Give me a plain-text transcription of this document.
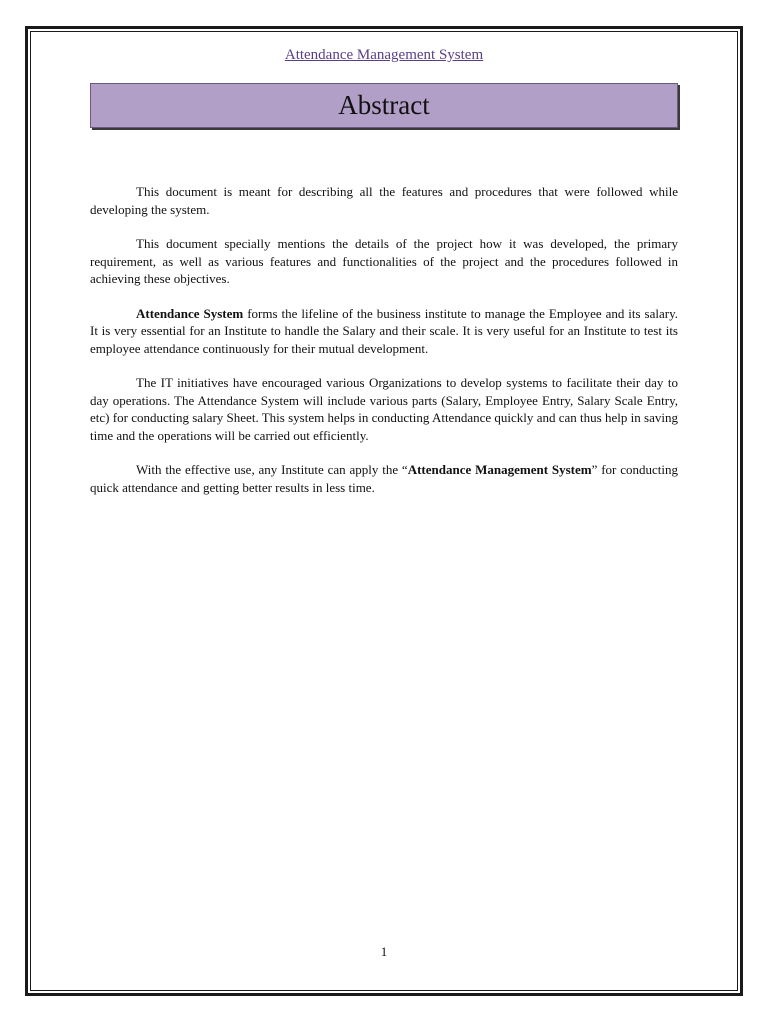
Attendance Management System
Abstract

This document is meant for describing all the features and procedures that were followed while developing the system.

This document specially mentions the details of the project how it was developed, the primary requirement, as well as various features and functionalities of the project and the procedures followed in achieving these objectives.

Attendance System forms the lifeline of the business institute to manage the Employee and its salary. It is very essential for an Institute to handle the Salary and their scale. It is very useful for an Institute to test its employee attendance continuously for their mutual development.

The IT initiatives have encouraged various Organizations to develop systems to facilitate their day to day operations. The Attendance System will include various parts (Salary, Employee Entry, Salary Scale Entry, etc) for conducting salary Sheet. This system helps in conducting Attendance quickly and can thus help in saving time and the operations will be carried out efficiently.

With the effective use, any Institute can apply the “Attendance Management System” for conducting quick attendance and getting better results in less time.

1
